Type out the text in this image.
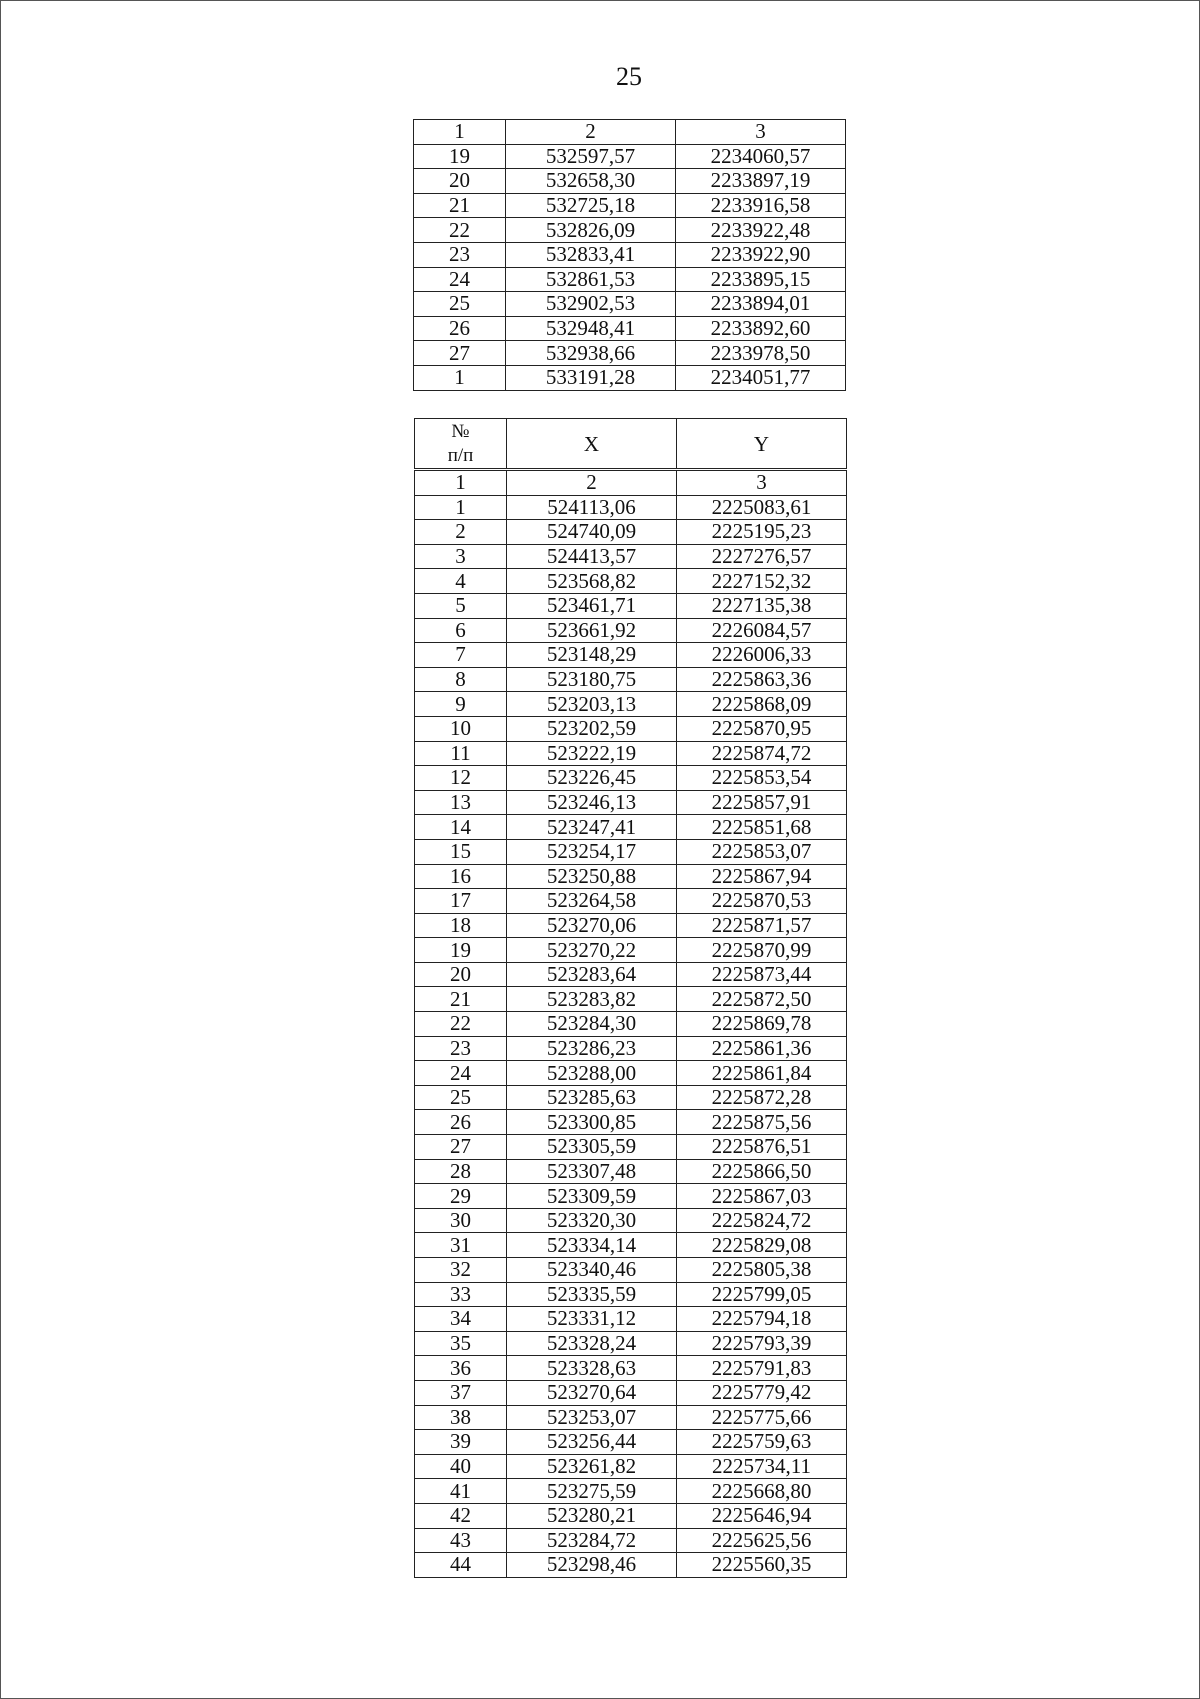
25
1	2	3
19	532597,57	2234060,57
20	532658,30	2233897,19
21	532725,18	2233916,58
22	532826,09	2233922,48
23	532833,41	2233922,90
24	532861,53	2233895,15
25	532902,53	2233894,01
26	532948,41	2233892,60
27	532938,66	2233978,50
1	533191,28	2234051,77
№
п/п	X	Y
1	2	3
1	524113,06	2225083,61
2	524740,09	2225195,23
3	524413,57	2227276,57
4	523568,82	2227152,32
5	523461,71	2227135,38
6	523661,92	2226084,57
7	523148,29	2226006,33
8	523180,75	2225863,36
9	523203,13	2225868,09
10	523202,59	2225870,95
11	523222,19	2225874,72
12	523226,45	2225853,54
13	523246,13	2225857,91
14	523247,41	2225851,68
15	523254,17	2225853,07
16	523250,88	2225867,94
17	523264,58	2225870,53
18	523270,06	2225871,57
19	523270,22	2225870,99
20	523283,64	2225873,44
21	523283,82	2225872,50
22	523284,30	2225869,78
23	523286,23	2225861,36
24	523288,00	2225861,84
25	523285,63	2225872,28
26	523300,85	2225875,56
27	523305,59	2225876,51
28	523307,48	2225866,50
29	523309,59	2225867,03
30	523320,30	2225824,72
31	523334,14	2225829,08
32	523340,46	2225805,38
33	523335,59	2225799,05
34	523331,12	2225794,18
35	523328,24	2225793,39
36	523328,63	2225791,83
37	523270,64	2225779,42
38	523253,07	2225775,66
39	523256,44	2225759,63
40	523261,82	2225734,11
41	523275,59	2225668,80
42	523280,21	2225646,94
43	523284,72	2225625,56
44	523298,46	2225560,35
